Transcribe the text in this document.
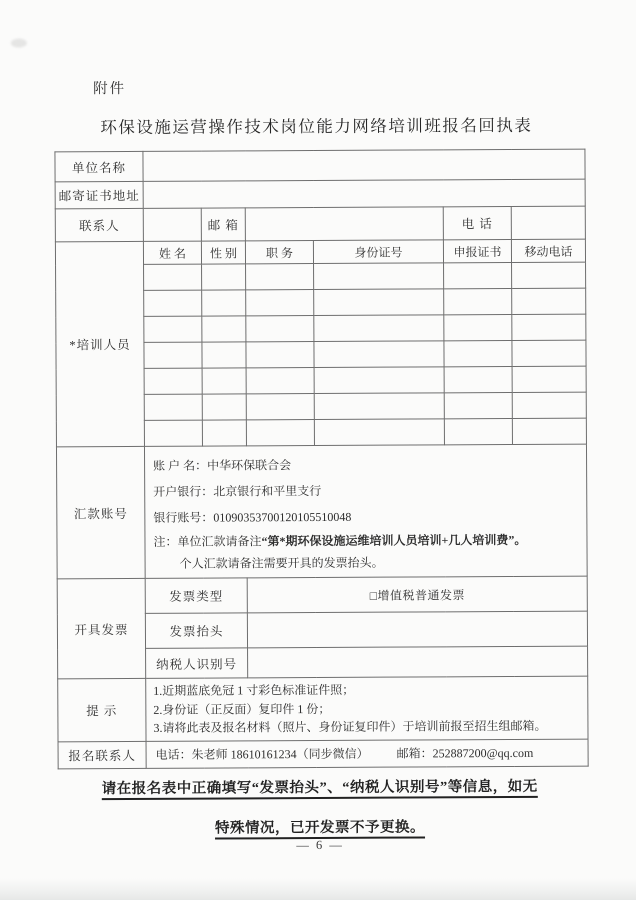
附件
环保设施运营操作技术岗位能力网络培训班报名回执表
单位名称						
邮寄证书地址						
联系人		邮 箱			电 话	
*培训人员	姓 名	性 别	职 务	身份证号	申报证书	移动电话

汇款账号	账 户 名：中华环保联合会
开户银行：北京银行和平里支行
银行账号：01090353700120105510048
注：单位汇款请备注“第*期环保设施运维培训人员培训+几人培训费”。
个人汇款请备注需要开具的发票抬头。					

开具发票	发票类型		□增值税普通发票			
	发票抬头					
	纳税人识别号					
提 示	1.近期蓝底免冠 1 寸彩色标准证件照；
2.身份证（正反面）复印件 1 份；
3.请将此表及报名材料（照片、身份证复印件）于培训前报至招生组邮箱。					

报名联系人	电话：朱老师 18610161234（同步微信） 邮箱：252887200@qq.com					
请在报名表中正确填写“发票抬头”、“纳税人识别号”等信息，如无
特殊情况，已开发票不予更换。
— 6 —
